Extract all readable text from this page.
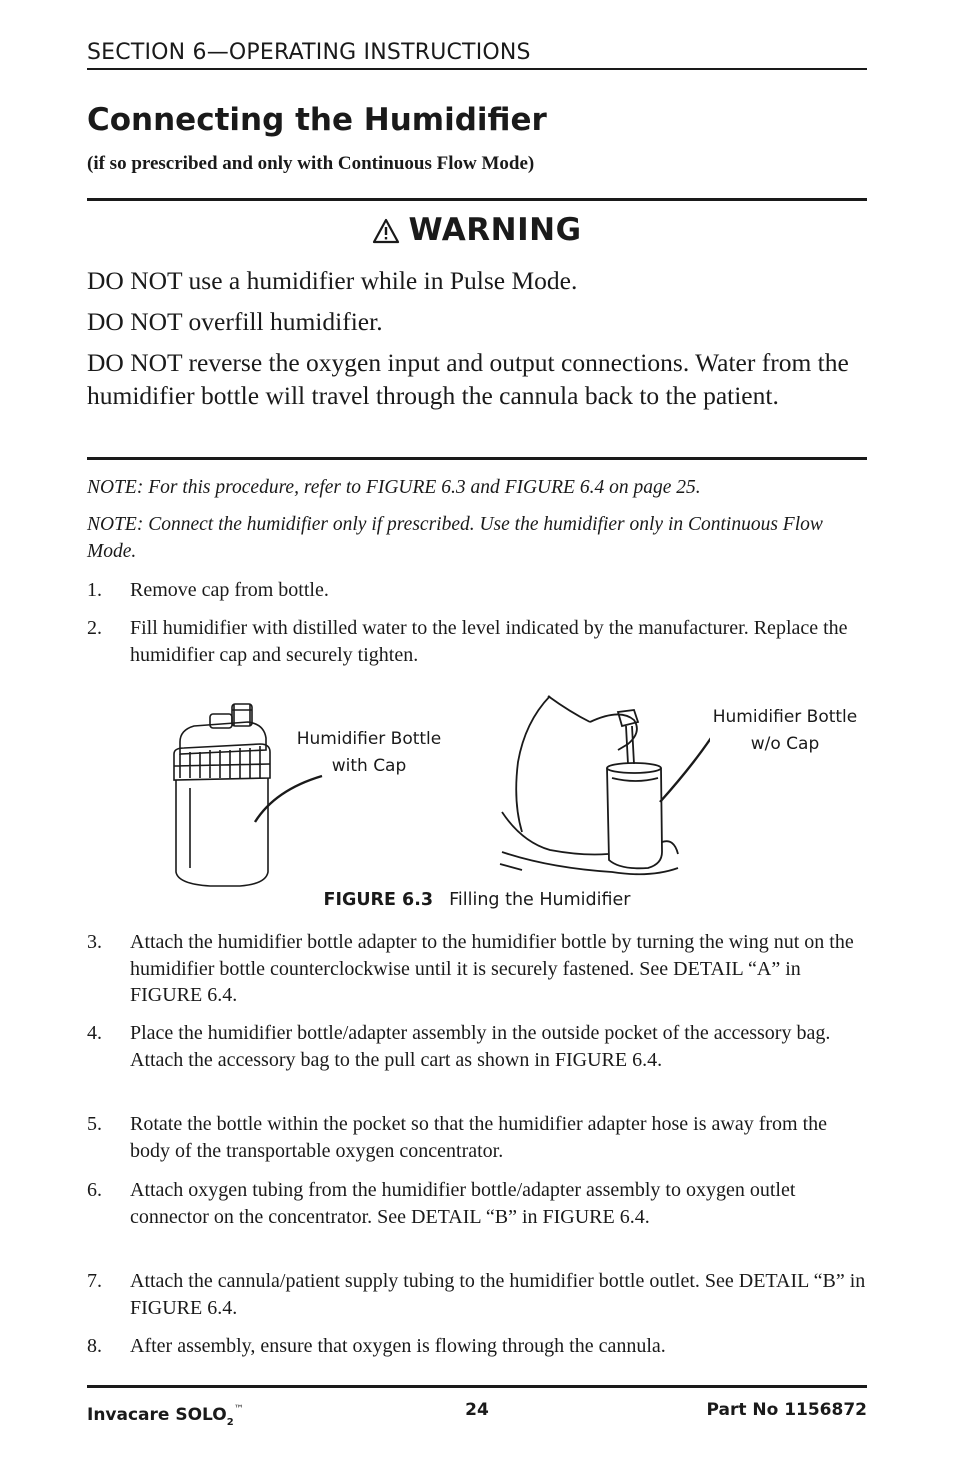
SECTION 6—OPERATING INSTRUCTIONS
Connecting the Humidifier
(if so prescribed and only with Continuous Flow Mode)
WARNING
DO NOT use a humidifier while in Pulse Mode.
DO NOT overfill humidifier.
DO NOT reverse the oxygen input and output connections. Water from the humidifier bottle will travel through the cannula back to the patient.
NOTE: For this procedure, refer to FIGURE 6.3 and FIGURE 6.4 on page 25.
NOTE: Connect the humidifier only if prescribed. Use the humidifier only in Continuous Flow Mode.
1. Remove cap from bottle.
2. Fill humidifier with distilled water to the level indicated by the manufacturer. Replace the humidifier cap and securely tighten.
Humidifier Bottle
with Cap
Humidifier Bottle
w/o Cap
FIGURE 6.3 Filling the Humidifier
3. Attach the humidifier bottle adapter to the humidifier bottle by turning the wing nut on the humidifier bottle counterclockwise until it is securely fastened. See DETAIL “A” in FIGURE 6.4.
4. Place the humidifier bottle/adapter assembly in the outside pocket of the accessory bag. Attach the accessory bag to the pull cart as shown in FIGURE 6.4.
5. Rotate the bottle within the pocket so that the humidifier adapter hose is away from the body of the transportable oxygen concentrator.
6. Attach oxygen tubing from the humidifier bottle/adapter assembly to oxygen outlet connector on the concentrator. See DETAIL “B” in FIGURE 6.4.
7. Attach the cannula/patient supply tubing to the humidifier bottle outlet. See DETAIL “B” in FIGURE 6.4.
8. After assembly, ensure that oxygen is flowing through the cannula.
Invacare $SOLO_2™$	24	Part No 1156872
